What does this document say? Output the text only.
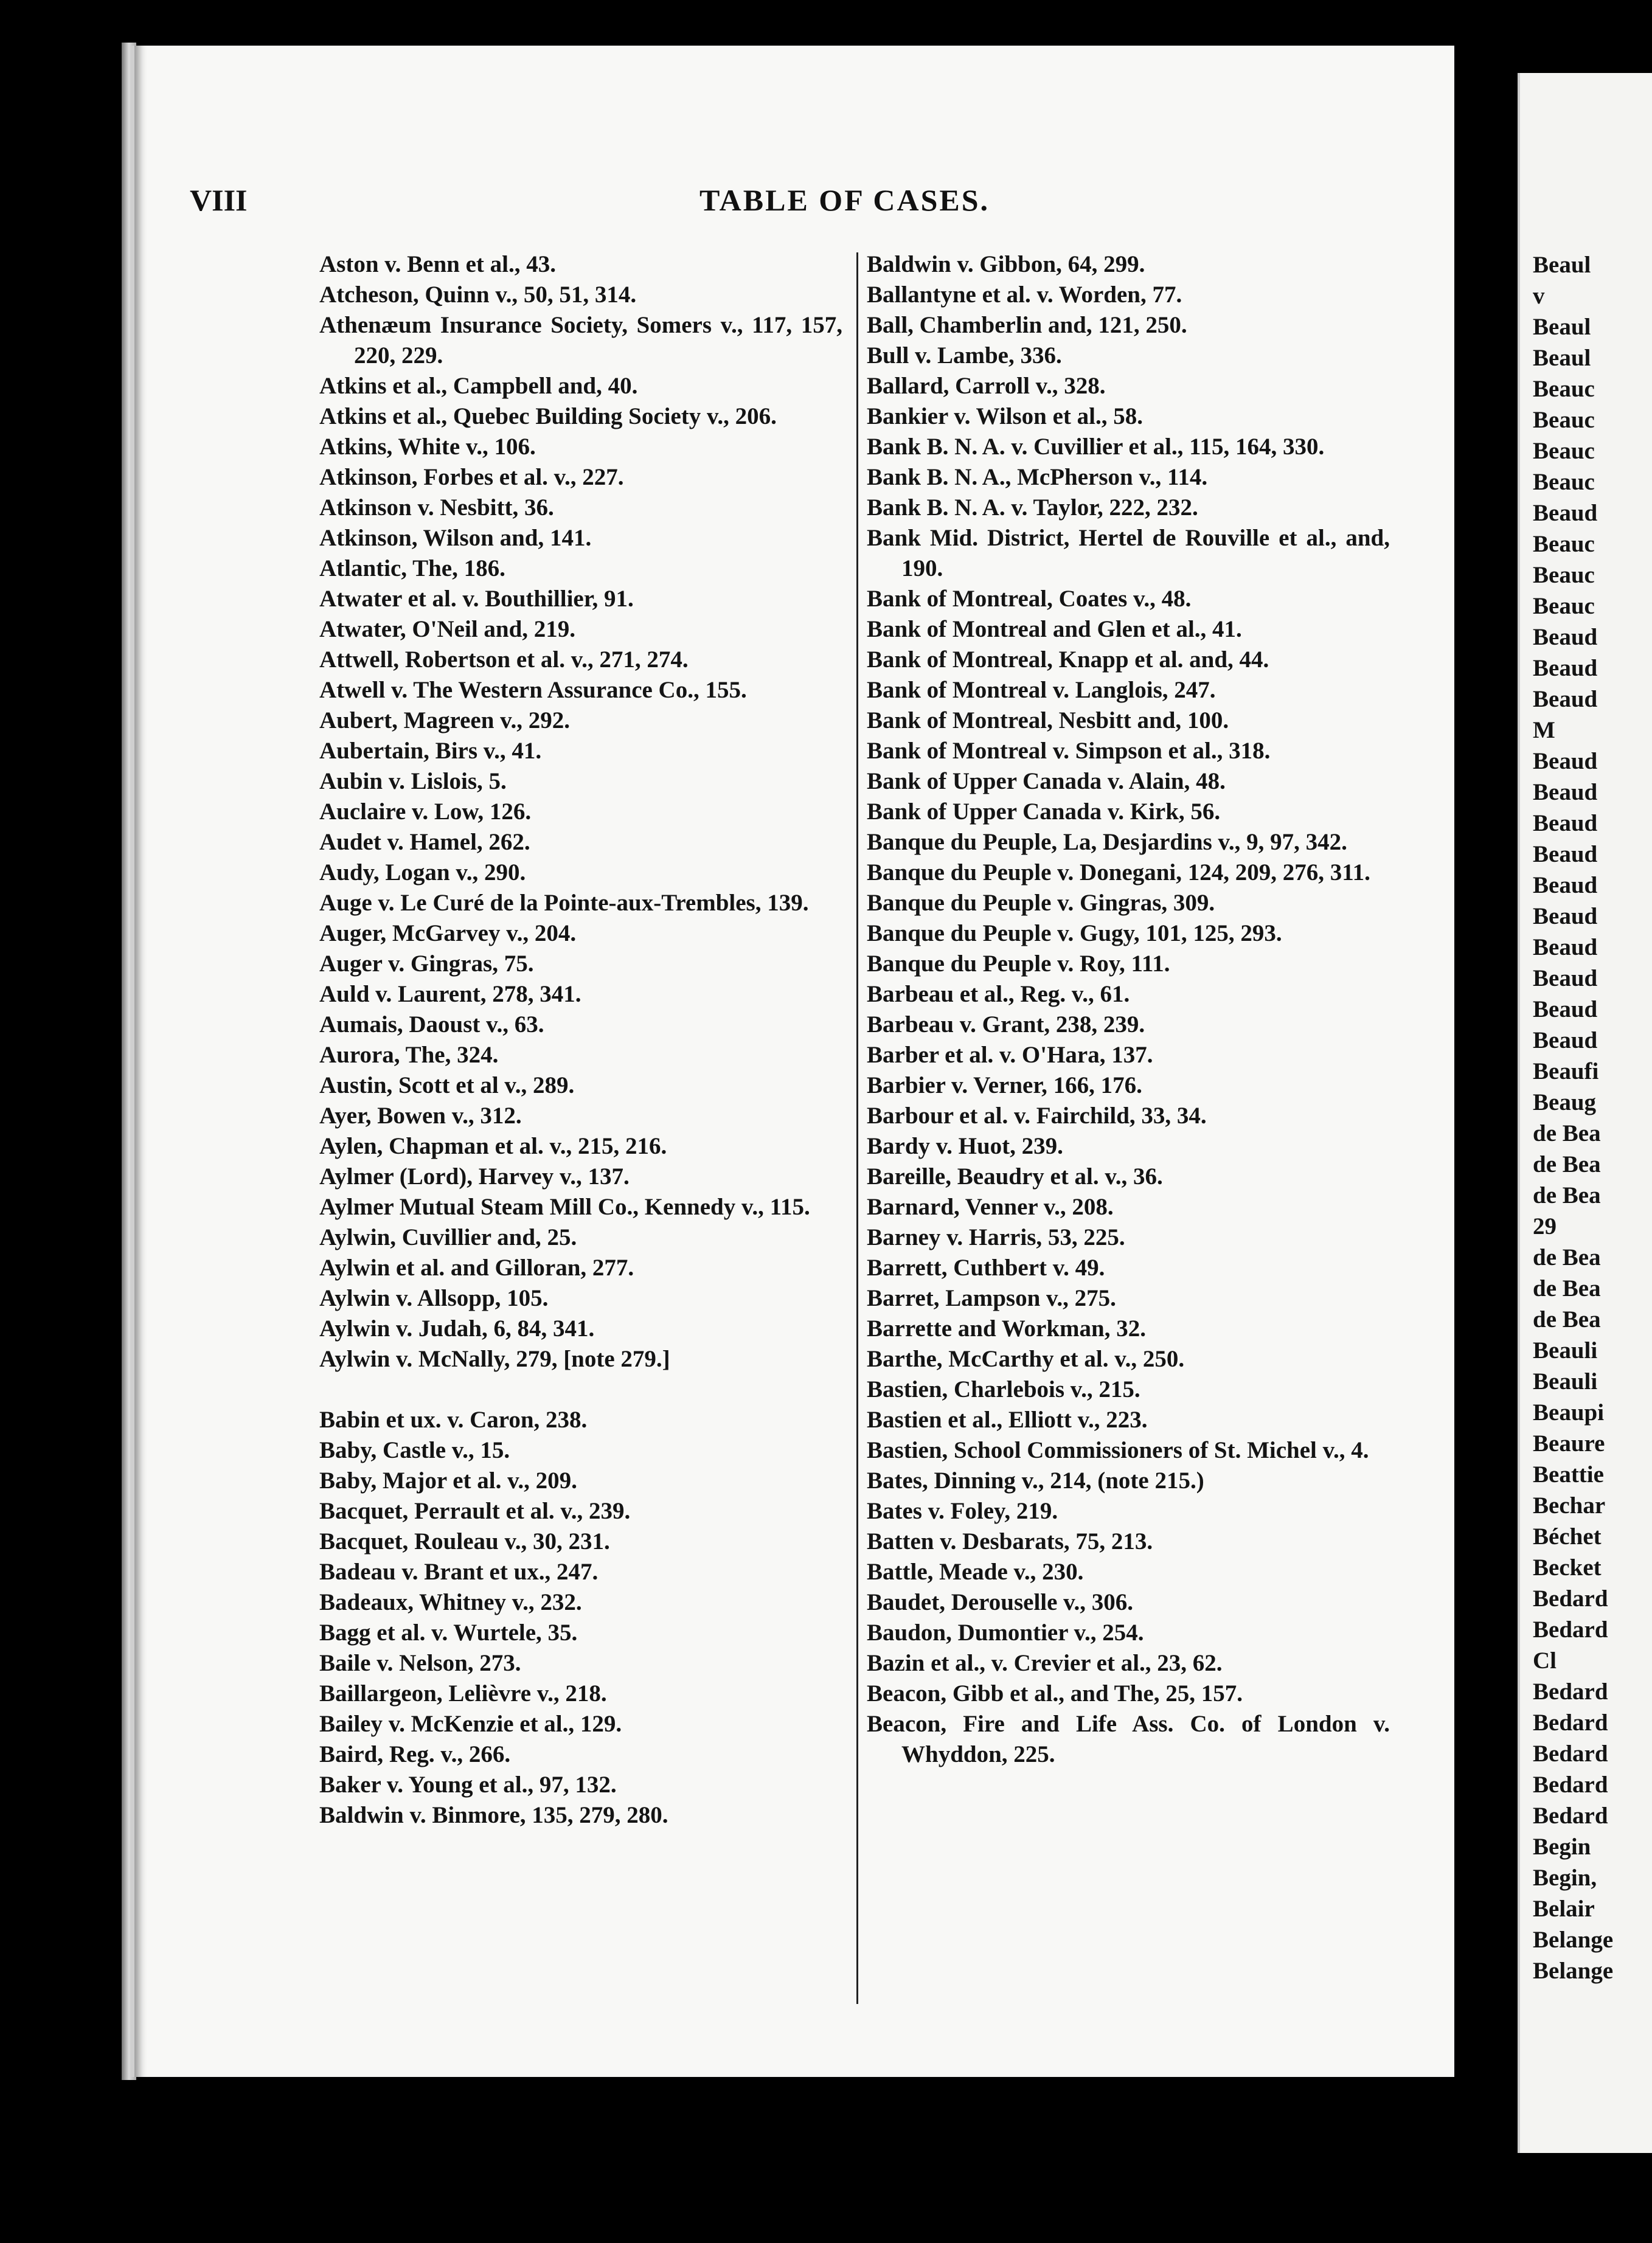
VIII	TABLE OF CASES.
Aston v. Benn et al., 43.
Atcheson, Quinn v., 50, 51, 314.
Athenæum Insurance Society, Somers v., 117, 157, 220, 229.
Atkins et al., Campbell and, 40.
Atkins et al., Quebec Building Society v., 206.
Atkins, White v., 106.
Atkinson, Forbes et al. v., 227.
Atkinson v. Nesbitt, 36.
Atkinson, Wilson and, 141.
Atlantic, The, 186.
Atwater et al. v. Bouthillier, 91.
Atwater, O'Neil and, 219.
Attwell, Robertson et al. v., 271, 274.
Atwell v. The Western Assurance Co., 155.
Aubert, Magreen v., 292.
Aubertain, Birs v., 41.
Aubin v. Lislois, 5.
Auclaire v. Low, 126.
Audet v. Hamel, 262.
Audy, Logan v., 290.
Auge v. Le Curé de la Pointe-aux-Trembles, 139.
Auger, McGarvey v., 204.
Auger v. Gingras, 75.
Auld v. Laurent, 278, 341.
Aumais, Daoust v., 63.
Aurora, The, 324.
Austin, Scott et al v., 289.
Ayer, Bowen v., 312.
Aylen, Chapman et al. v., 215, 216.
Aylmer (Lord), Harvey v., 137.
Aylmer Mutual Steam Mill Co., Kennedy v., 115.
Aylwin, Cuvillier and, 25.
Aylwin et al. and Gilloran, 277.
Aylwin v. Allsopp, 105.
Aylwin v. Judah, 6, 84, 341.
Aylwin v. McNally, 279, [note 279.]
Babin et ux. v. Caron, 238.
Baby, Castle v., 15.
Baby, Major et al. v., 209.
Bacquet, Perrault et al. v., 239.
Bacquet, Rouleau v., 30, 231.
Badeau v. Brant et ux., 247.
Badeaux, Whitney v., 232.
Bagg et al. v. Wurtele, 35.
Baile v. Nelson, 273.
Baillargeon, Lelièvre v., 218.
Bailey v. McKenzie et al., 129.
Baird, Reg. v., 266.
Baker v. Young et al., 97, 132.
Baldwin v. Binmore, 135, 279, 280.
Baldwin v. Gibbon, 64, 299.
Ballantyne et al. v. Worden, 77.
Ball, Chamberlin and, 121, 250.
Bull v. Lambe, 336.
Ballard, Carroll v., 328.
Bankier v. Wilson et al., 58.
Bank B. N. A. v. Cuvillier et al., 115, 164, 330.
Bank B. N. A., McPherson v., 114.
Bank B. N. A. v. Taylor, 222, 232.
Bank Mid. District, Hertel de Rouville et al., and, 190.
Bank of Montreal, Coates v., 48.
Bank of Montreal and Glen et al., 41.
Bank of Montreal, Knapp et al. and, 44.
Bank of Montreal v. Langlois, 247.
Bank of Montreal, Nesbitt and, 100.
Bank of Montreal v. Simpson et al., 318.
Bank of Upper Canada v. Alain, 48.
Bank of Upper Canada v. Kirk, 56.
Banque du Peuple, La, Desjardins v., 9, 97, 342.
Banque du Peuple v. Donegani, 124, 209, 276, 311.
Banque du Peuple v. Gingras, 309.
Banque du Peuple v. Gugy, 101, 125, 293.
Banque du Peuple v. Roy, 111.
Barbeau et al., Reg. v., 61.
Barbeau v. Grant, 238, 239.
Barber et al. v. O'Hara, 137.
Barbier v. Verner, 166, 176.
Barbour et al. v. Fairchild, 33, 34.
Bardy v. Huot, 239.
Bareille, Beaudry et al. v., 36.
Barnard, Venner v., 208.
Barney v. Harris, 53, 225.
Barrett, Cuthbert v. 49.
Barret, Lampson v., 275.
Barrette and Workman, 32.
Barthe, McCarthy et al. v., 250.
Bastien, Charlebois v., 215.
Bastien et al., Elliott v., 223.
Bastien, School Commissioners of St. Michel v., 4.
Bates, Dinning v., 214, (note 215.)
Bates v. Foley, 219.
Batten v. Desbarats, 75, 213.
Battle, Meade v., 230.
Baudet, Derouselle v., 306.
Baudon, Dumontier v., 254.
Bazin et al., v. Crevier et al., 23, 62.
Beacon, Gibb et al., and The, 25, 157.
Beacon, Fire and Life Ass. Co. of London v. Whyddon, 225.
Beaul
v
Beaul
Beaul
Beauc
Beauc
Beauc
Beauc
Beaud
Beauc
Beauc
Beauc
Beaud
Beaud
Beaud
M
Beaud
Beaud
Beaud
Beaud
Beaud
Beaud
Beaud
Beaud
Beaud
Beaud
Beaufi
Beaug
de Bea
de Bea
de Bea
29
de Bea
de Bea
de Bea
Beauli
Beauli
Beaupi
Beaure
Beattie
Bechar
Béchet
Becket
Bedard
Bedard
Cl
Bedard
Bedard
Bedard
Bedard
Bedard
Begin
Begin,
Belair
Belange
Belange
